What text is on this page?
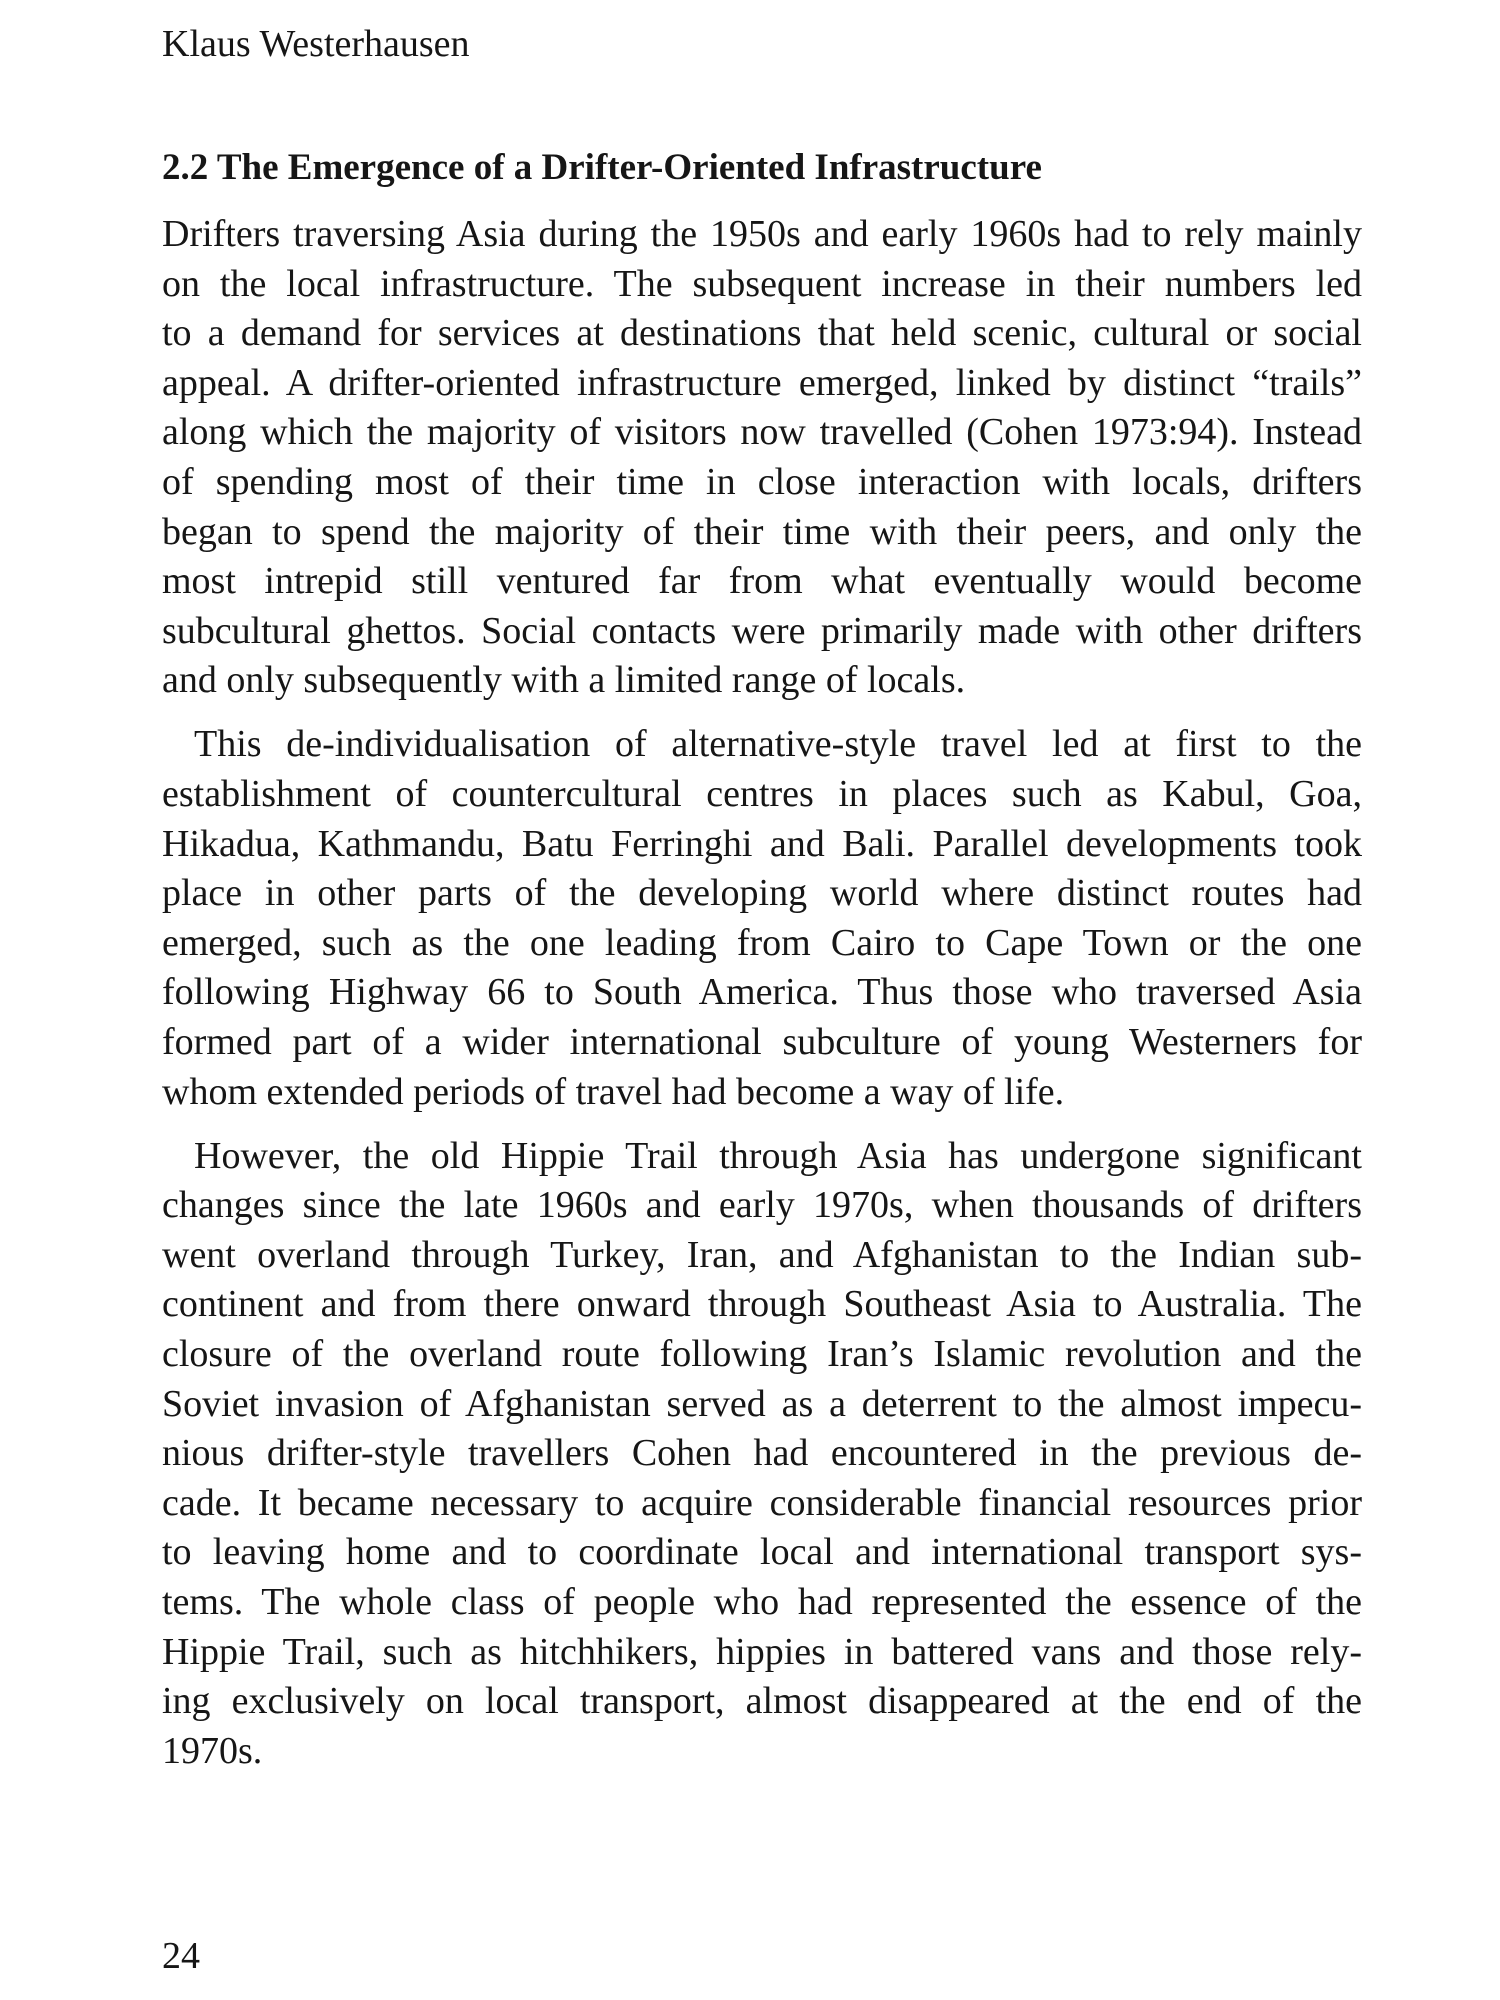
Klaus Westerhausen
2.2 The Emergence of a Drifter-Oriented Infrastructure
Drifters traversing Asia during the 1950s and early 1960s had to rely mainly
on the local infrastructure. The subsequent increase in their numbers led
to a demand for services at destinations that held scenic, cultural or social
appeal. A drifter-oriented infrastructure emerged, linked by distinct “trails”
along which the majority of visitors now travelled (Cohen 1973:94). Instead
of spending most of their time in close interaction with locals, drifters
began to spend the majority of their time with their peers, and only the
most intrepid still ventured far from what eventually would become
subcultural ghettos. Social contacts were primarily made with other drifters
and only subsequently with a limited range of locals.
This de-individualisation of alternative-style travel led at first to the
establishment of countercultural centres in places such as Kabul, Goa,
Hikadua, Kathmandu, Batu Ferringhi and Bali. Parallel developments took
place in other parts of the developing world where distinct routes had
emerged, such as the one leading from Cairo to Cape Town or the one
following Highway 66 to South America. Thus those who traversed Asia
formed part of a wider international subculture of young Westerners for
whom extended periods of travel had become a way of life.
However, the old Hippie Trail through Asia has undergone significant
changes since the late 1960s and early 1970s, when thousands of drifters
went overland through Turkey, Iran, and Afghanistan to the Indian sub-
continent and from there onward through Southeast Asia to Australia. The
closure of the overland route following Iran’s Islamic revolution and the
Soviet invasion of Afghanistan served as a deterrent to the almost impecu-
nious drifter-style travellers Cohen had encountered in the previous de-
cade. It became necessary to acquire considerable financial resources prior
to leaving home and to coordinate local and international transport sys-
tems. The whole class of people who had represented the essence of the
Hippie Trail, such as hitchhikers, hippies in battered vans and those rely-
ing exclusively on local transport, almost disappeared at the end of the
1970s.
24
